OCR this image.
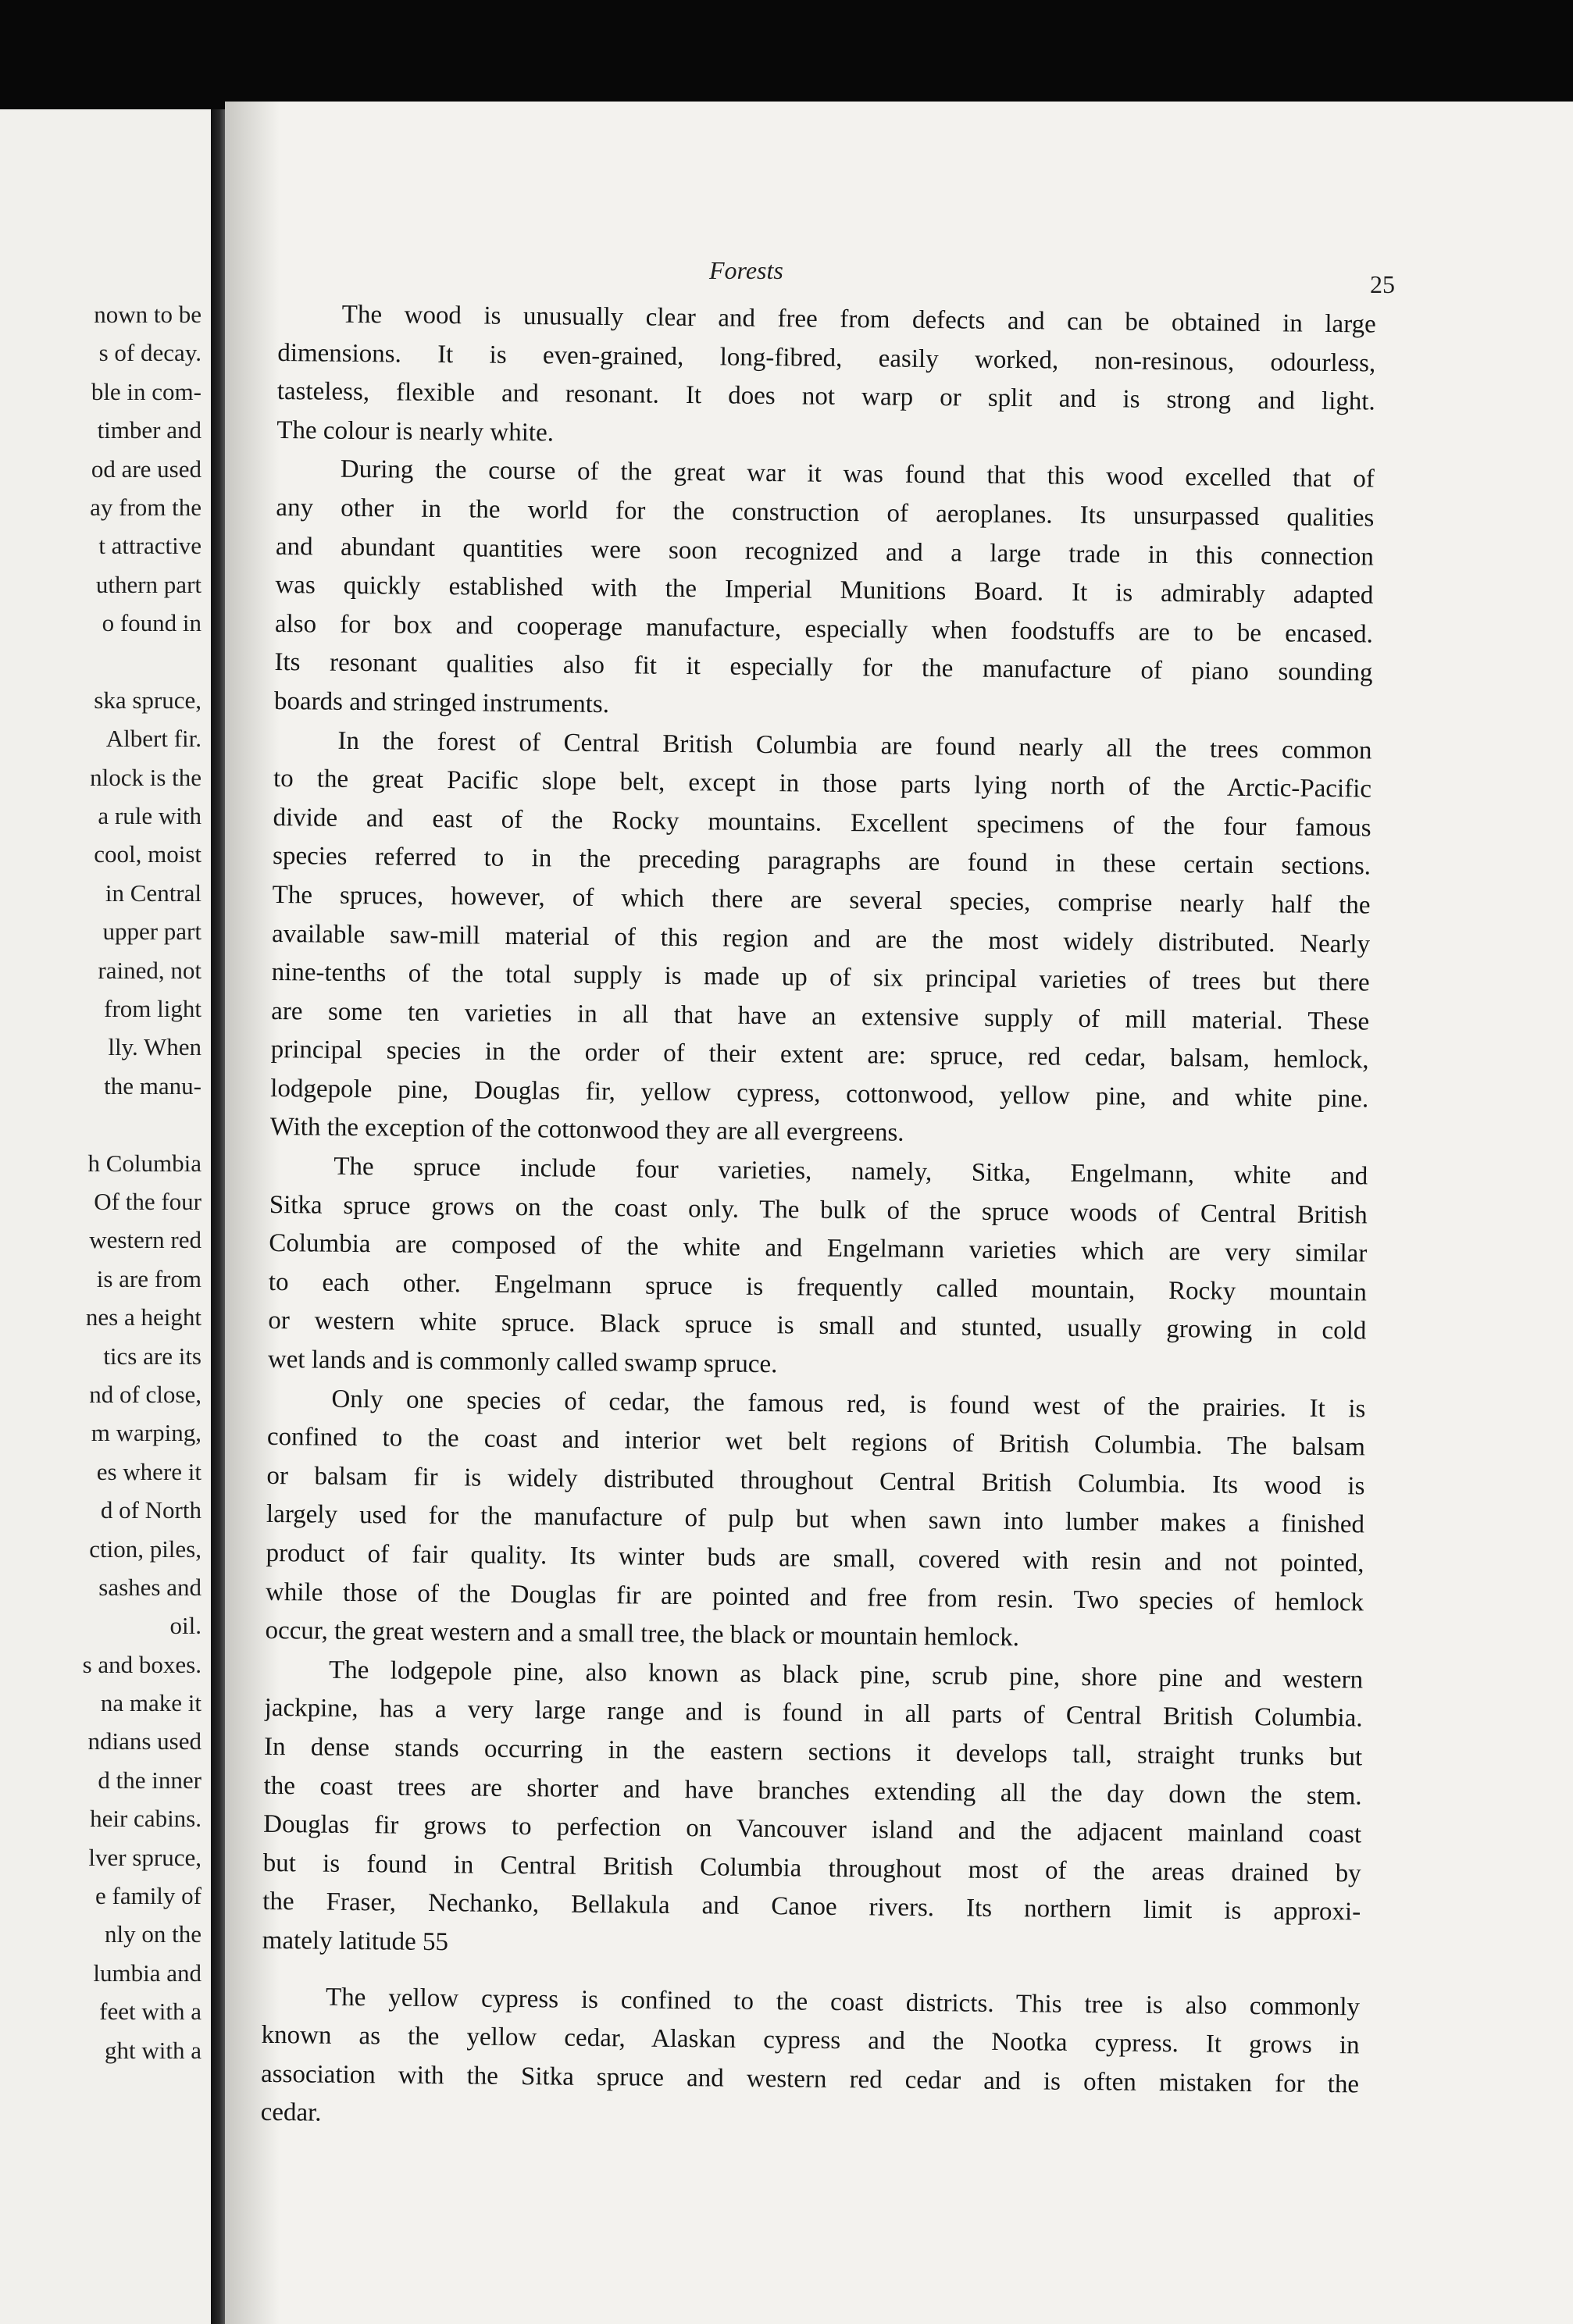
nown to be
s of decay.
ble in com-
timber and
od are used
ay from the
t attractive
uthern part
o found in
ska spruce,
Albert fir.
nlock is the
a rule with
cool, moist
in Central
upper part
rained, not
from light
lly. When
the manu-
h Columbia
Of the four
western red
is are from
nes a height
tics are its
nd of close,
m warping,
es where it
d of North
ction, piles,
sashes and
oil.
s and boxes.
na make it
ndians used
d the inner
heir cabins.
lver spruce,
e family of
nly on the
lumbia and
feet with a
ght with a
Forests	25
The wood is unusually clear and free from defects and can be obtained in large
dimensions. It is even-grained, long-fibred, easily worked, non-resinous, odourless,
tasteless, flexible and resonant. It does not warp or split and is strong and light.
The colour is nearly white.
During the course of the great war it was found that this wood excelled that of
any other in the world for the construction of aeroplanes. Its unsurpassed qualities
and abundant quantities were soon recognized and a large trade in this connection
was quickly established with the Imperial Munitions Board. It is admirably adapted
also for box and cooperage manufacture, especially when foodstuffs are to be encased.
Its resonant qualities also fit it especially for the manufacture of piano sounding
boards and stringed instruments.
In the forest of Central British Columbia are found nearly all the trees common
to the great Pacific slope belt, except in those parts lying north of the Arctic-Pacific
divide and east of the Rocky mountains. Excellent specimens of the four famous
species referred to in the preceding paragraphs are found in these certain sections.
The spruces, however, of which there are several species, comprise nearly half the
available saw-mill material of this region and are the most widely distributed. Nearly
nine-tenths of the total supply is made up of six principal varieties of trees but there
are some ten varieties in all that have an extensive supply of mill material. These
principal species in the order of their extent are: spruce, red cedar, balsam, hemlock,
lodgepole pine, Douglas fir, yellow cypress, cottonwood, yellow pine, and white pine.
With the exception of the cottonwood they are all evergreens.
The spruce include four varieties, namely, Sitka, Engelmann, white and
Sitka spruce grows on the coast only. The bulk of the spruce woods of Central British
Columbia are composed of the white and Engelmann varieties which are very similar
to each other. Engelmann spruce is frequently called mountain, Rocky mountain
or western white spruce. Black spruce is small and stunted, usually growing in cold
wet lands and is commonly called swamp spruce.
Only one species of cedar, the famous red, is found west of the prairies. It is
confined to the coast and interior wet belt regions of British Columbia. The balsam
or balsam fir is widely distributed throughout Central British Columbia. Its wood is
largely used for the manufacture of pulp but when sawn into lumber makes a finished
product of fair quality. Its winter buds are small, covered with resin and not pointed,
while those of the Douglas fir are pointed and free from resin. Two species of hemlock
occur, the great western and a small tree, the black or mountain hemlock.
The lodgepole pine, also known as black pine, scrub pine, shore pine and western
jackpine, has a very large range and is found in all parts of Central British Columbia.
In dense stands occurring in the eastern sections it develops tall, straight trunks but
the coast trees are shorter and have branches extending all the day down the stem.
Douglas fir grows to perfection on Vancouver island and the adjacent mainland coast
but is found in Central British Columbia throughout most of the areas drained by
the Fraser, Nechanko, Bellakula and Canoe rivers. Its northern limit is approxi-
mately latitude 55
The yellow cypress is confined to the coast districts. This tree is also commonly
known as the yellow cedar, Alaskan cypress and the Nootka cypress. It grows in
association with the Sitka spruce and western red cedar and is often mistaken for the
cedar.
